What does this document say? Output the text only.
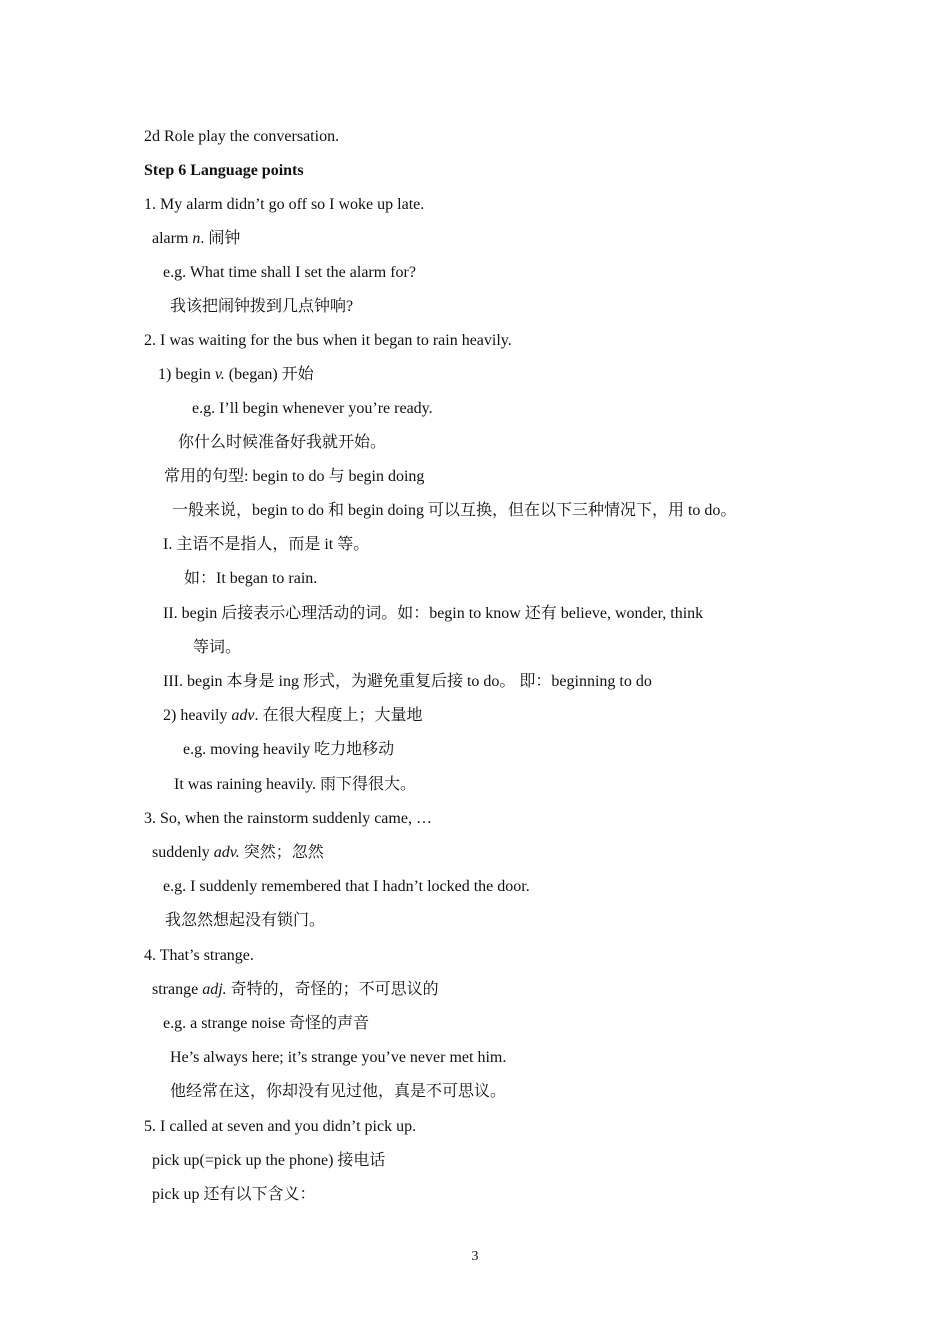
2d Role play the conversation.
Step 6 Language points
1. My alarm didn’t go off so I woke up late.
alarm n. 闹钟
e.g. What time shall I set the alarm for?
我该把闹钟拨到几点钟响?
2. I was waiting for the bus when it began to rain heavily.
1) begin v. (began) 开始
e.g. I’ll begin whenever you’re ready.
你什么时候准备好我就开始。
常用的句型: begin to do 与 begin doing
一般来说，begin to do 和 begin doing 可以互换，但在以下三种情况下，用 to do。
I. 主语不是指人，而是 it 等。
如：It began to rain.
II. begin 后接表示心理活动的词。如：begin to know 还有 believe, wonder, think
等词。
III. begin 本身是 ing 形式，为避免重复后接 to do。 即：beginning to do
2) heavily adv. 在很大程度上；大量地
e.g. moving heavily 吃力地移动
It was raining heavily. 雨下得很大。
3. So, when the rainstorm suddenly came, …
suddenly adv. 突然；忽然
e.g. I suddenly remembered that I hadn’t locked the door.
我忽然想起没有锁门。
4. That’s strange.
strange adj. 奇特的，奇怪的；不可思议的
e.g. a strange noise 奇怪的声音
He’s always here; it’s strange you’ve never met him.
他经常在这，你却没有见过他，真是不可思议。
5. I called at seven and you didn’t pick up.
pick up(=pick up the phone) 接电话
pick up 还有以下含义：
3
